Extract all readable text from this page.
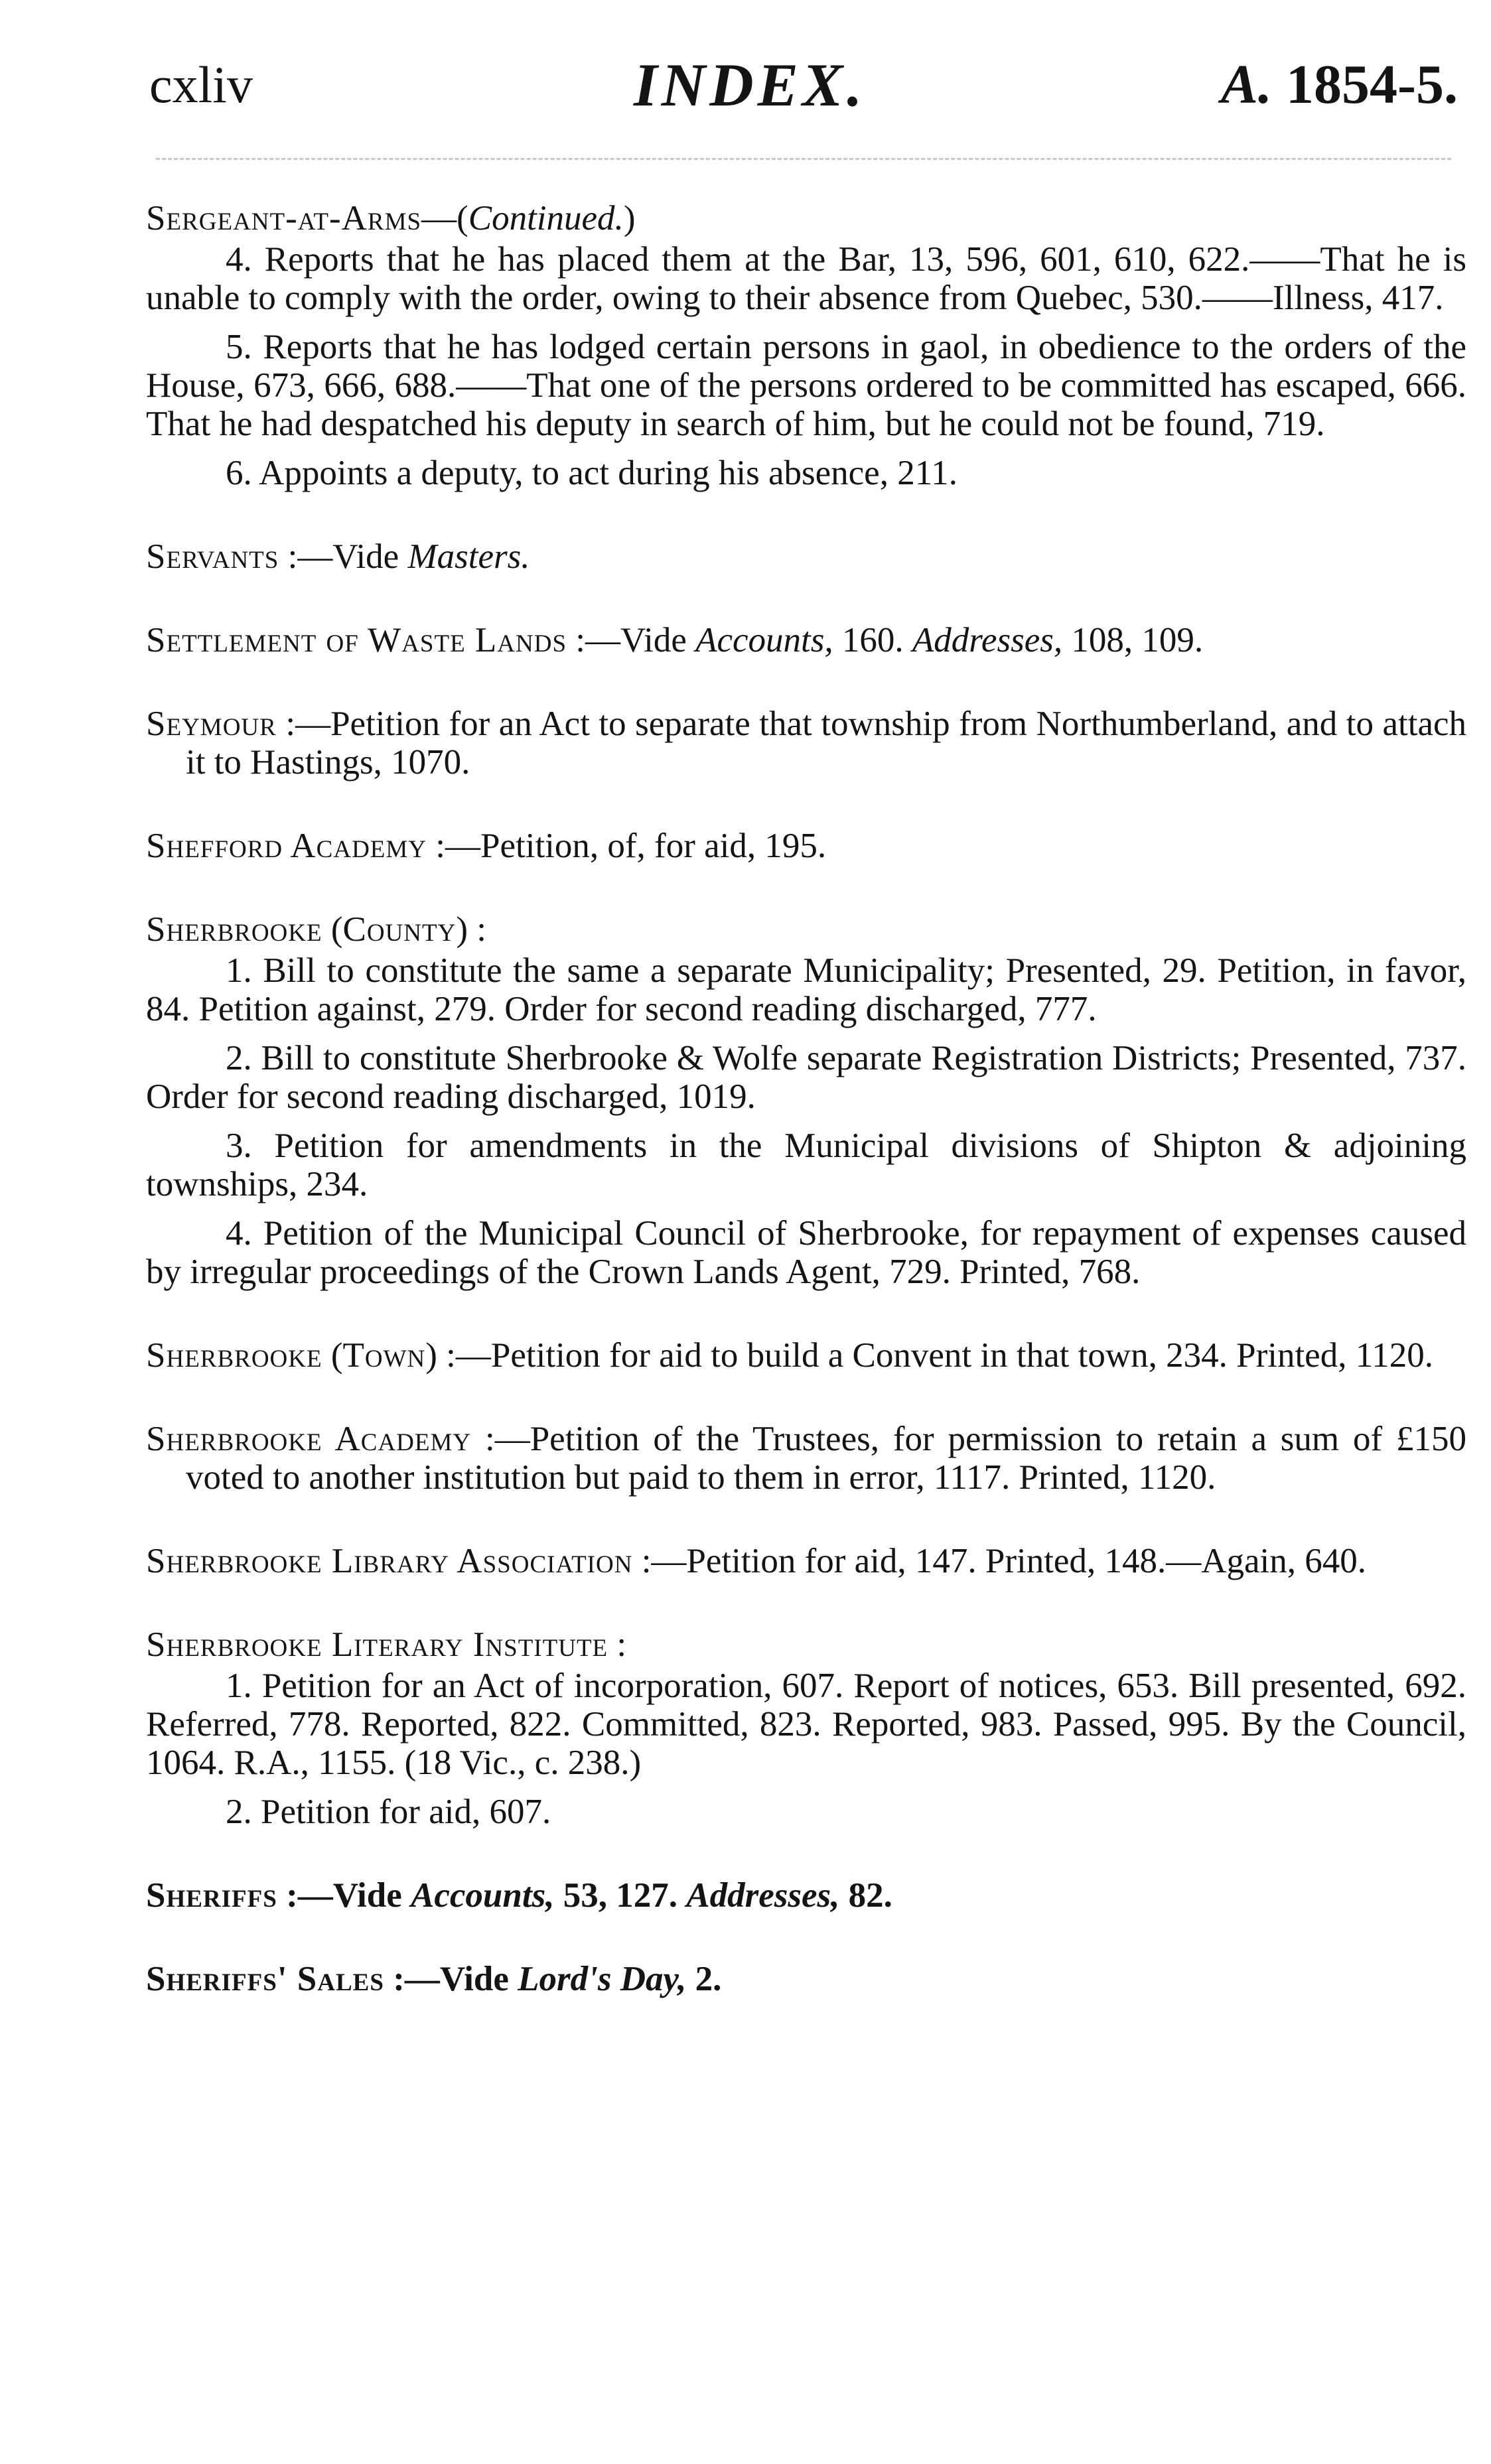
cxliv	INDEX.	A. 1854-5.
Sergeant-at-Arms—(Continued.)
4. Reports that he has placed them at the Bar, 13, 596, 601, 610, 622.——That he is unable to comply with the order, owing to their absence from Quebec, 530.——Illness, 417.
5. Reports that he has lodged certain persons in gaol, in obedience to the orders of the House, 673, 666, 688.——That one of the persons ordered to be committed has escaped, 666. That he had despatched his deputy in search of him, but he could not be found, 719.
6. Appoints a deputy, to act during his absence, 211.
Servants :—Vide Masters.
Settlement of Waste Lands :—Vide Accounts, 160. Addresses, 108, 109.
Seymour :—Petition for an Act to separate that township from Northumberland, and to attach it to Hastings, 1070.
Shefford Academy :—Petition, of, for aid, 195.
Sherbrooke (County) :
1. Bill to constitute the same a separate Municipality; Presented, 29. Petition, in favor, 84. Petition against, 279. Order for second reading discharged, 777.
2. Bill to constitute Sherbrooke & Wolfe separate Registration Districts; Presented, 737. Order for second reading discharged, 1019.
3. Petition for amendments in the Municipal divisions of Shipton & adjoining townships, 234.
4. Petition of the Municipal Council of Sherbrooke, for repayment of expenses caused by irregular proceedings of the Crown Lands Agent, 729. Printed, 768.
Sherbrooke (Town) :—Petition for aid to build a Convent in that town, 234. Printed, 1120.
Sherbrooke Academy :—Petition of the Trustees, for permission to retain a sum of £150 voted to another institution but paid to them in error, 1117. Printed, 1120.
Sherbrooke Library Association :—Petition for aid, 147. Printed, 148.—Again, 640.
Sherbrooke Literary Institute :
1. Petition for an Act of incorporation, 607. Report of notices, 653. Bill presented, 692. Referred, 778. Reported, 822. Committed, 823. Reported, 983. Passed, 995. By the Council, 1064. R.A., 1155. (18 Vic., c. 238.)
2. Petition for aid, 607.
Sheriffs :—Vide Accounts, 53, 127. Addresses, 82.
Sheriffs' Sales :—Vide Lord's Day, 2.
